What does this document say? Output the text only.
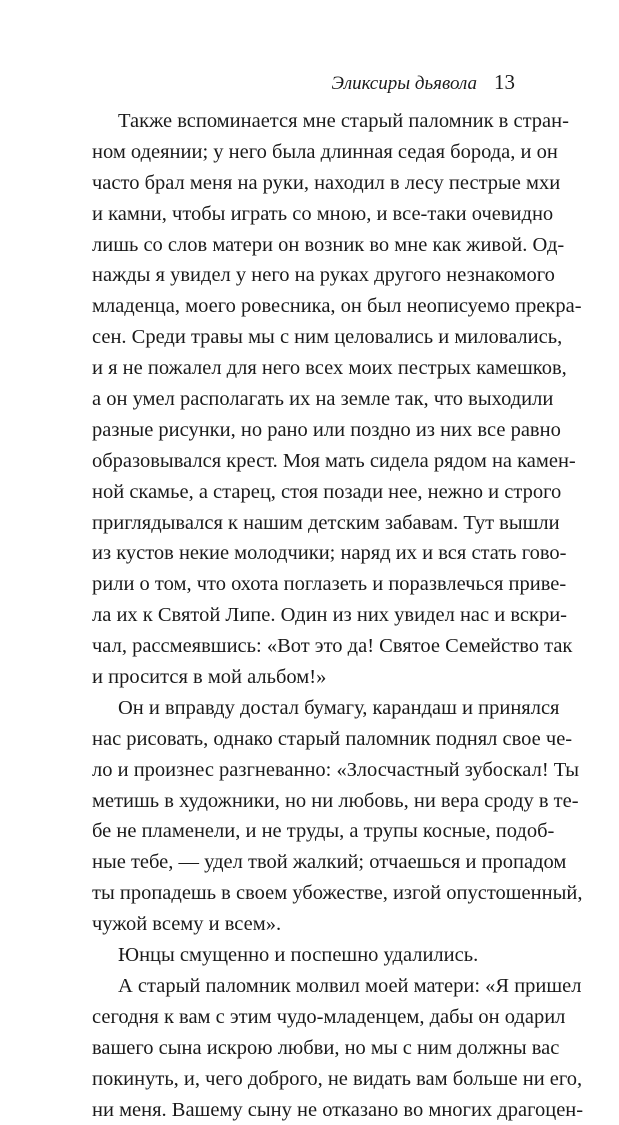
Эликсиры дьявола 13
Также вспоминается мне старый паломник в стран-
ном одеянии; у него была длинная седая борода, и он
часто брал меня на руки, находил в лесу пестрые мхи
и камни, чтобы играть со мною, и все-таки очевидно
лишь со слов матери он возник во мне как живой. Од-
нажды я увидел у него на руках другого незнакомого
младенца, моего ровесника, он был неописуемо прекра-
сен. Среди травы мы с ним целовались и миловались,
и я не пожалел для него всех моих пестрых камешков,
а он умел располагать их на земле так, что выходили
разные рисунки, но рано или поздно из них все равно
образовывался крест. Моя мать сидела рядом на камен-
ной скамье, а старец, стоя позади нее, нежно и строго
приглядывался к нашим детским забавам. Тут вышли
из кустов некие молодчики; наряд их и вся стать гово-
рили о том, что охота поглазеть и поразвлечься приве-
ла их к Святой Липе. Один из них увидел нас и вскри-
чал, рассмеявшись: «Вот это да! Святое Семейство так
и просится в мой альбом!»
Он и вправду достал бумагу, карандаш и принялся
нас рисовать, однако старый паломник поднял свое че-
ло и произнес разгневанно: «Злосчастный зубоскал! Ты
метишь в художники, но ни любовь, ни вера сроду в те-
бе не пламенели, и не труды, а трупы косные, подоб-
ные тебе, — удел твой жалкий; отчаешься и пропадом
ты пропадешь в своем убожестве, изгой опустошенный,
чужой всему и всем».
Юнцы смущенно и поспешно удалились.
А старый паломник молвил моей матери: «Я пришел
сегодня к вам с этим чудо-младенцем, дабы он одарил
вашего сына искрою любви, но мы с ним должны вас
покинуть, и, чего доброго, не видать вам больше ни его,
ни меня. Вашему сыну не отказано во многих драгоцен-
